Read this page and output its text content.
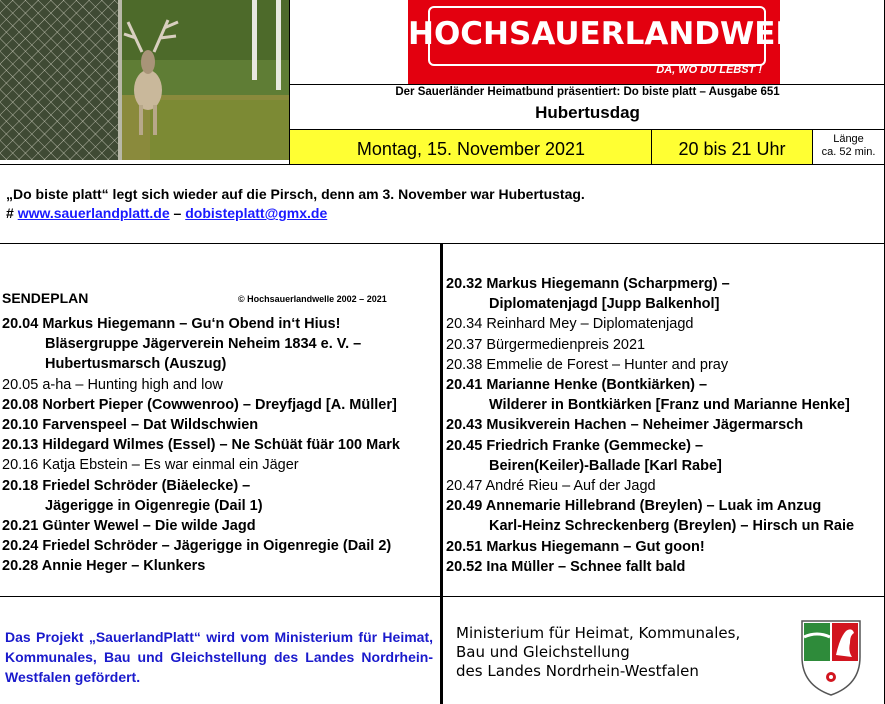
HOCHSAUERLANDWELLE
DA, WO DU LEBST !
Der Sauerländer Heimatbund präsentiert: Do biste platt – Ausgabe 651
Hubertusdag
Montag, 15. November 2021	20 bis 21 Uhr	Länge
ca. 52 min.
„Do biste platt“ legt sich wieder auf die Pirsch, denn am 3. November war Hubertustag.
# www.sauerlandplatt.de – dobisteplatt@gmx.de
SENDEPLAN	© Hochsauerlandwelle 2002 – 2021
20.04 Markus Hiegemann – Gu‘n Obend in‘t Hius!
Bläsergruppe Jägerverein Neheim 1834 e. V. –
Hubertusmarsch (Auszug)
20.05 a-ha – Hunting high and low
20.08 Norbert Pieper (Cowwenroo) – Dreyfjagd [A. Müller]
20.10 Farvenspeel – Dat Wildschwien
20.13 Hildegard Wilmes (Essel) – Ne Schüät füär 100 Mark
20.16 Katja Ebstein – Es war einmal ein Jäger
20.18 Friedel Schröder (Biäelecke) –
Jägerigge in Oigenregie (Dail 1)
20.21 Günter Wewel – Die wilde Jagd
20.24 Friedel Schröder – Jägerigge in Oigenregie (Dail 2)
20.28 Annie Heger – Klunkers
20.32 Markus Hiegemann (Scharpmerg) –
Diplomatenjagd [Jupp Balkenhol]
20.34 Reinhard Mey – Diplomatenjagd
20.37 Bürgermedienpreis 2021
20.38 Emmelie de Forest – Hunter and pray
20.41 Marianne Henke (Bontkiärken) –
Wilderer in Bontkiärken [Franz und Marianne Henke]
20.43 Musikverein Hachen – Neheimer Jägermarsch
20.45 Friedrich Franke (Gemmecke) –
Beiren(Keiler)-Ballade [Karl Rabe]
20.47 André Rieu – Auf der Jagd
20.49 Annemarie Hillebrand (Breylen) – Luak im Anzug
Karl-Heinz Schreckenberg (Breylen) – Hirsch un Raie
20.51 Markus Hiegemann – Gut goon!
20.52 Ina Müller – Schnee fallt bald
Das Projekt „SauerlandPlatt“ wird vom Ministerium für Heimat, Kommunales, Bau und Gleichstellung des Landes Nordrhein-Westfalen gefördert.
Ministerium für Heimat, Kommunales,
Bau und Gleichstellung
des Landes Nordrhein-Westfalen
